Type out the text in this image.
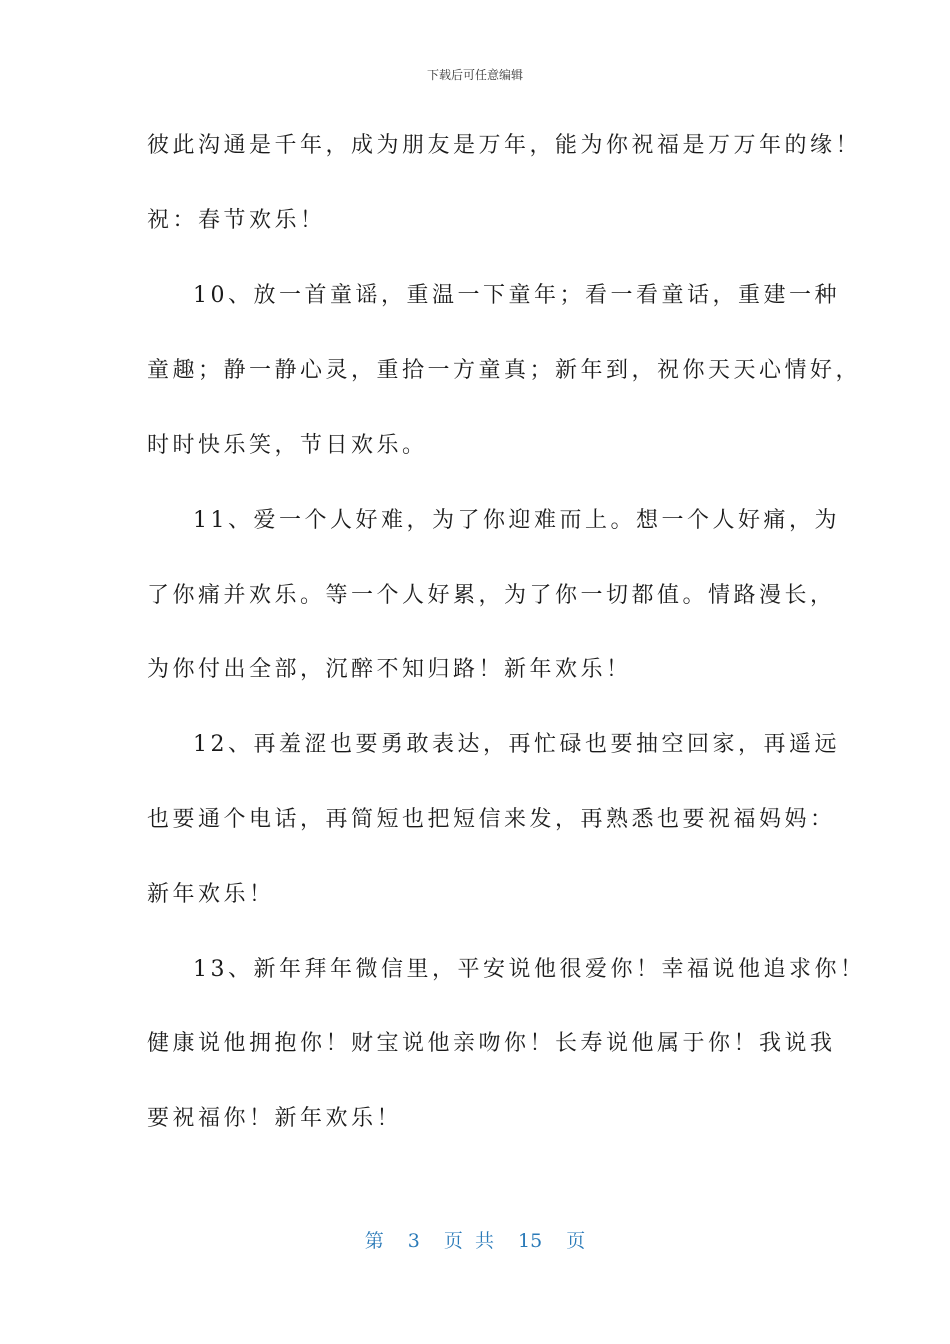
下载后可任意编辑
彼此沟通是千年，成为朋友是万年，能为你祝福是万万年的缘！
祝：春节欢乐！
10、放一首童谣，重温一下童年；看一看童话，重建一种
童趣；静一静心灵，重拾一方童真；新年到，祝你天天心情好，
时时快乐笑，节日欢乐。
11、爱一个人好难，为了你迎难而上。想一个人好痛，为
了你痛并欢乐。等一个人好累，为了你一切都值。情路漫长，
为你付出全部，沉醉不知归路！新年欢乐！
12、再羞涩也要勇敢表达，再忙碌也要抽空回家，再遥远
也要通个电话，再简短也把短信来发，再熟悉也要祝福妈妈：
新年欢乐！
13、新年拜年微信里，平安说他很爱你！幸福说他追求你！
健康说他拥抱你！财宝说他亲吻你！长寿说他属于你！我说我
要祝福你！新年欢乐！
第 3 页 共 15 页
